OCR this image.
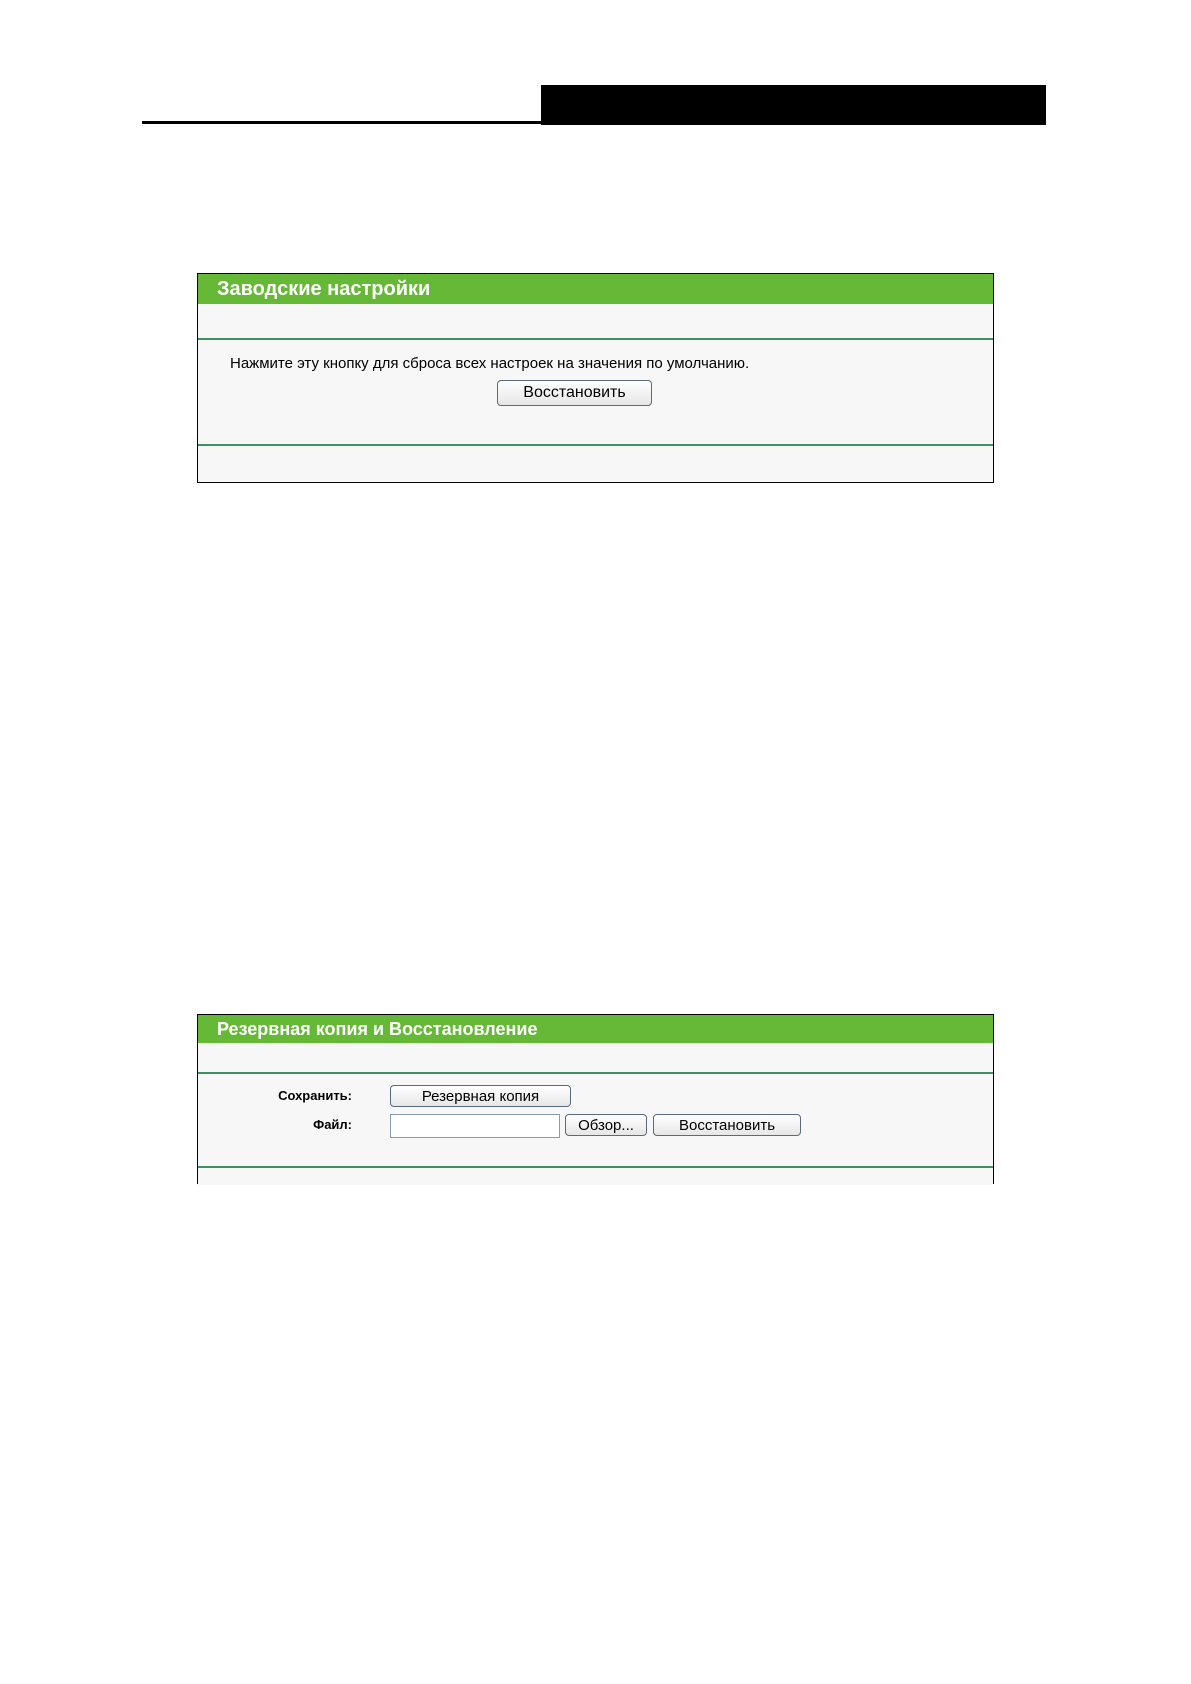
Заводские настройки
Нажмите эту кнопку для сброса всех настроек на значения по умолчанию.
Восстановить
Резервная копия и Восстановление
Сохранить:	Резервная копия
Файл:	Обзор...	Восстановить
